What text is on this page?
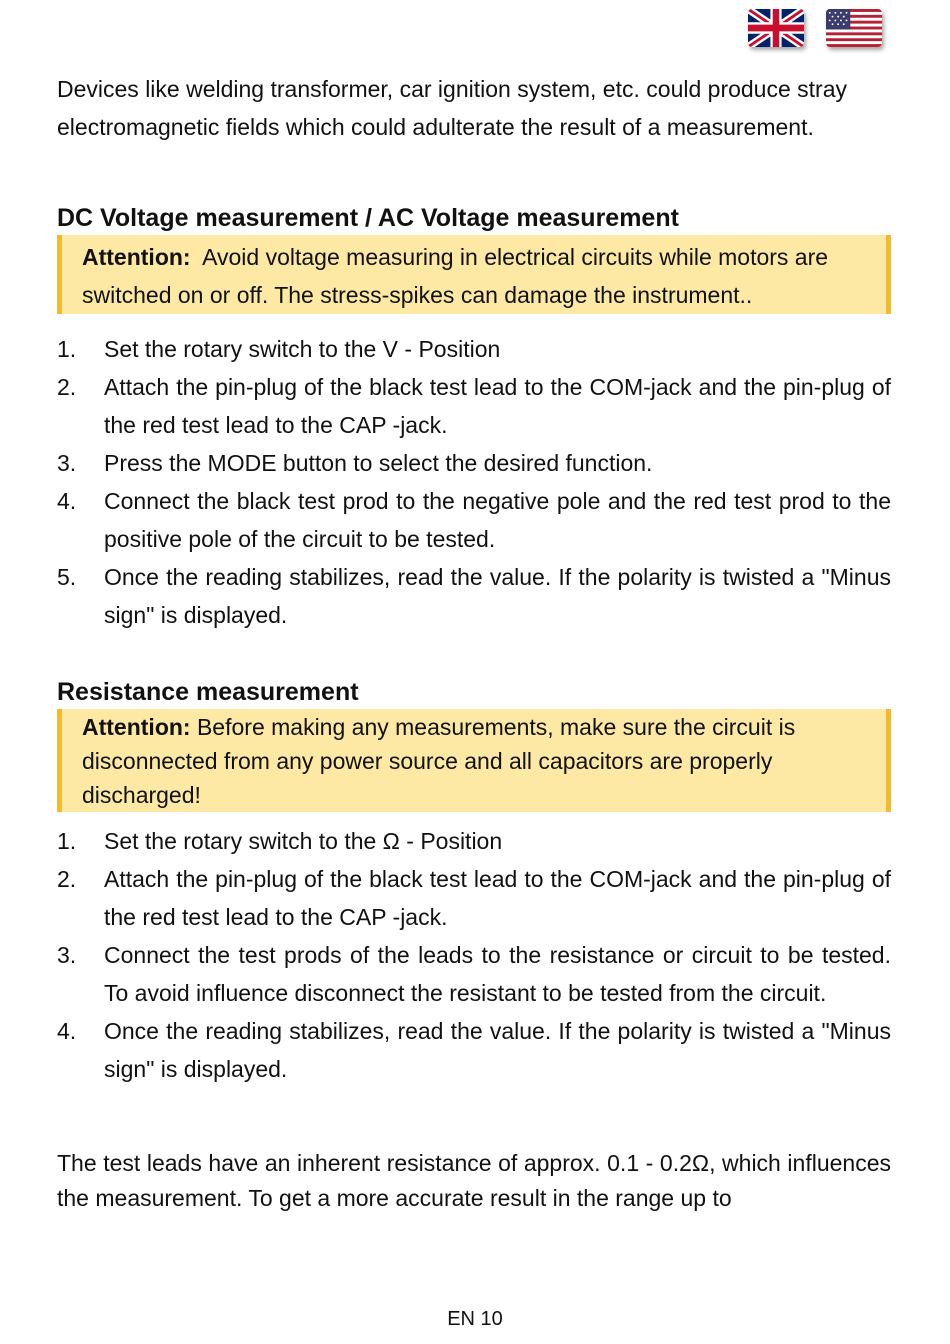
Devices like welding transformer, car ignition system, etc. could produce stray electromagnetic fields which could adulterate the result of a measurement.

DC Voltage measurement / AC Voltage measurement
Attention: Avoid voltage measuring in electrical circuits while motors are switched on or off. The stress-spikes can damage the instrument..
1. Set the rotary switch to the V - Position
2. Attach the pin-plug of the black test lead to the COM-jack and the pin-plug of the red test lead to the CAP -jack.
3. Press the MODE button to select the desired function.
4. Connect the black test prod to the negative pole and the red test prod to the positive pole of the circuit to be tested.
5. Once the reading stabilizes, read the value. If the polarity is twisted a "Minus sign" is displayed.
Resistance measurement
Attention: Before making any measurements, make sure the circuit is disconnected from any power source and all capacitors are properly discharged!
1. Set the rotary switch to the Ω - Position
2. Attach the pin-plug of the black test lead to the COM-jack and the pin-plug of the red test lead to the CAP -jack.
3. Connect the test prods of the leads to the resistance or circuit to be tested. To avoid influence disconnect the resistant to be tested from the circuit.
4. Once the reading stabilizes, read the value. If the polarity is twisted a "Minus sign" is displayed.

The test leads have an inherent resistance of approx. 0.1 - 0.2Ω, which influences the measurement. To get a more accurate result in the range up to

EN 10
